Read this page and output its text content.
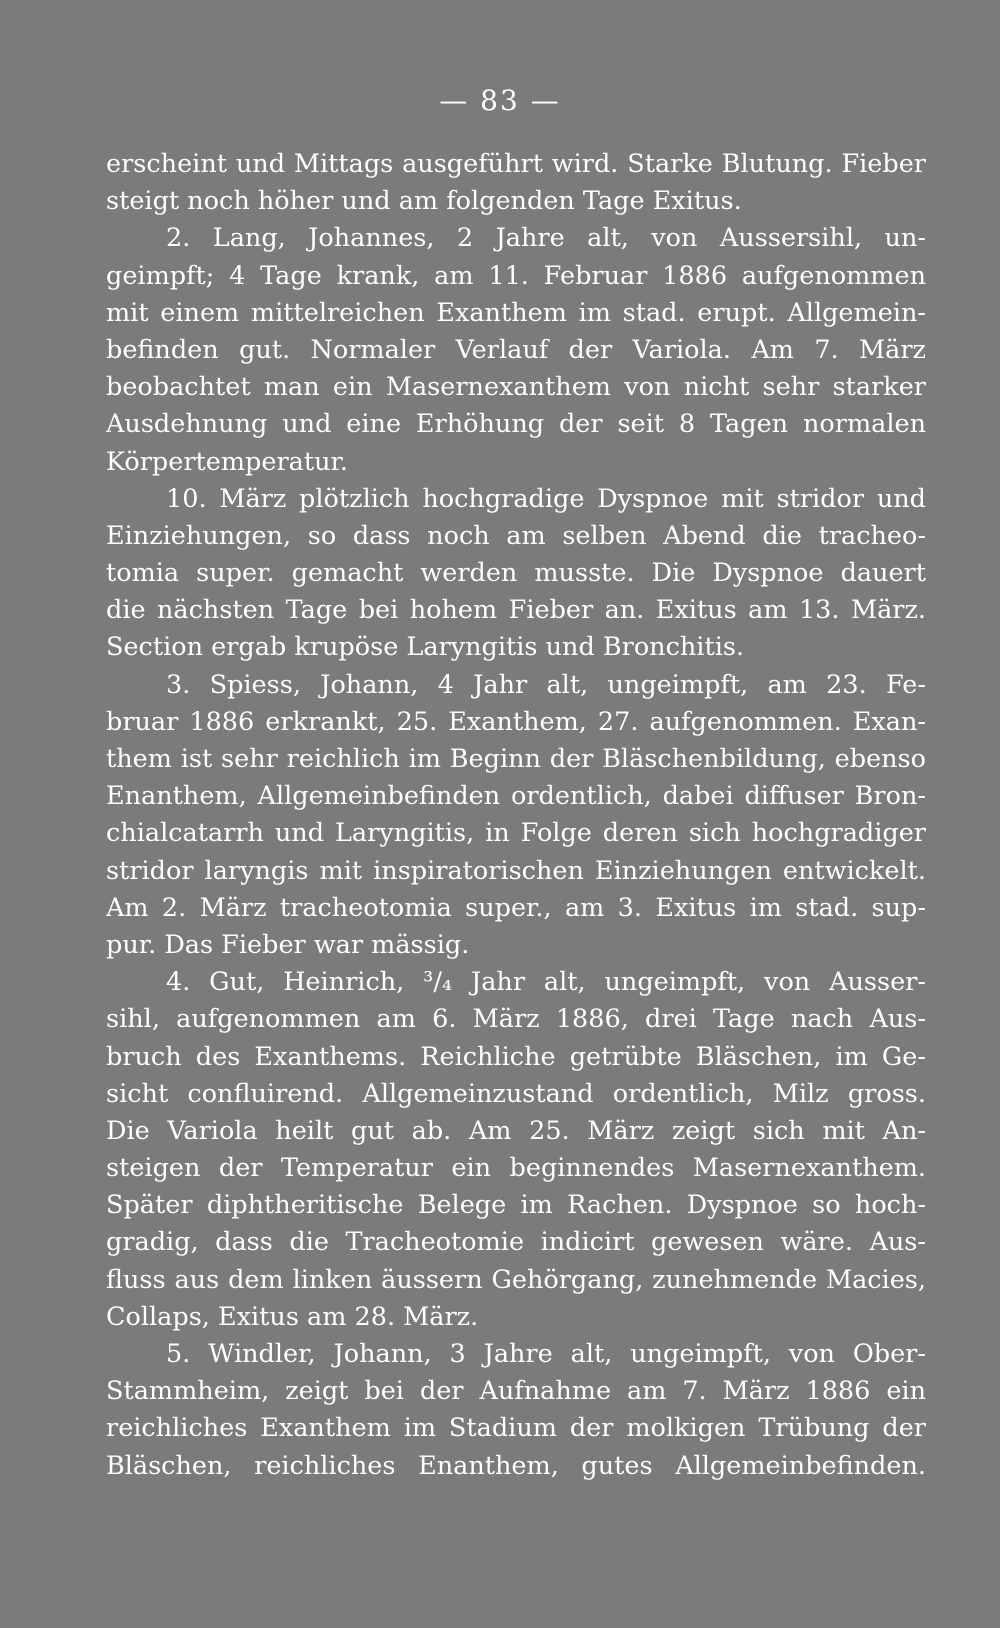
— 83 —
erscheint und Mittags ausgeführt wird. Starke Blutung. Fieber
steigt noch höher und am folgenden Tage Exitus.
2. Lang, Johannes, 2 Jahre alt, von Aussersihl, un-
geimpft; 4 Tage krank, am 11. Februar 1886 aufgenommen
mit einem mittelreichen Exanthem im stad. erupt. Allgemein-
befinden gut. Normaler Verlauf der Variola. Am 7. März
beobachtet man ein Masernexanthem von nicht sehr starker
Ausdehnung und eine Erhöhung der seit 8 Tagen normalen
Körpertemperatur.
10. März plötzlich hochgradige Dyspnoe mit stridor und
Einziehungen, so dass noch am selben Abend die tracheo-
tomia super. gemacht werden musste. Die Dyspnoe dauert
die nächsten Tage bei hohem Fieber an. Exitus am 13. März.
Section ergab krupöse Laryngitis und Bronchitis.
3. Spiess, Johann, 4 Jahr alt, ungeimpft, am 23. Fe-
bruar 1886 erkrankt, 25. Exanthem, 27. aufgenommen. Exan-
them ist sehr reichlich im Beginn der Bläschenbildung, ebenso
Enanthem, Allgemeinbefinden ordentlich, dabei diffuser Bron-
chialcatarrh und Laryngitis, in Folge deren sich hochgradiger
stridor laryngis mit inspiratorischen Einziehungen entwickelt.
Am 2. März tracheotomia super., am 3. Exitus im stad. sup-
pur. Das Fieber war mässig.
4. Gut, Heinrich, ³/₄ Jahr alt, ungeimpft, von Ausser-
sihl, aufgenommen am 6. März 1886, drei Tage nach Aus-
bruch des Exanthems. Reichliche getrübte Bläschen, im Ge-
sicht confluirend. Allgemeinzustand ordentlich, Milz gross.
Die Variola heilt gut ab. Am 25. März zeigt sich mit An-
steigen der Temperatur ein beginnendes Masernexanthem.
Später diphtheritische Belege im Rachen. Dyspnoe so hoch-
gradig, dass die Tracheotomie indicirt gewesen wäre. Aus-
fluss aus dem linken äussern Gehörgang, zunehmende Macies,
Collaps, Exitus am 28. März.
5. Windler, Johann, 3 Jahre alt, ungeimpft, von Ober-
Stammheim, zeigt bei der Aufnahme am 7. März 1886 ein
reichliches Exanthem im Stadium der molkigen Trübung der
Bläschen, reichliches Enanthem, gutes Allgemeinbefinden.
